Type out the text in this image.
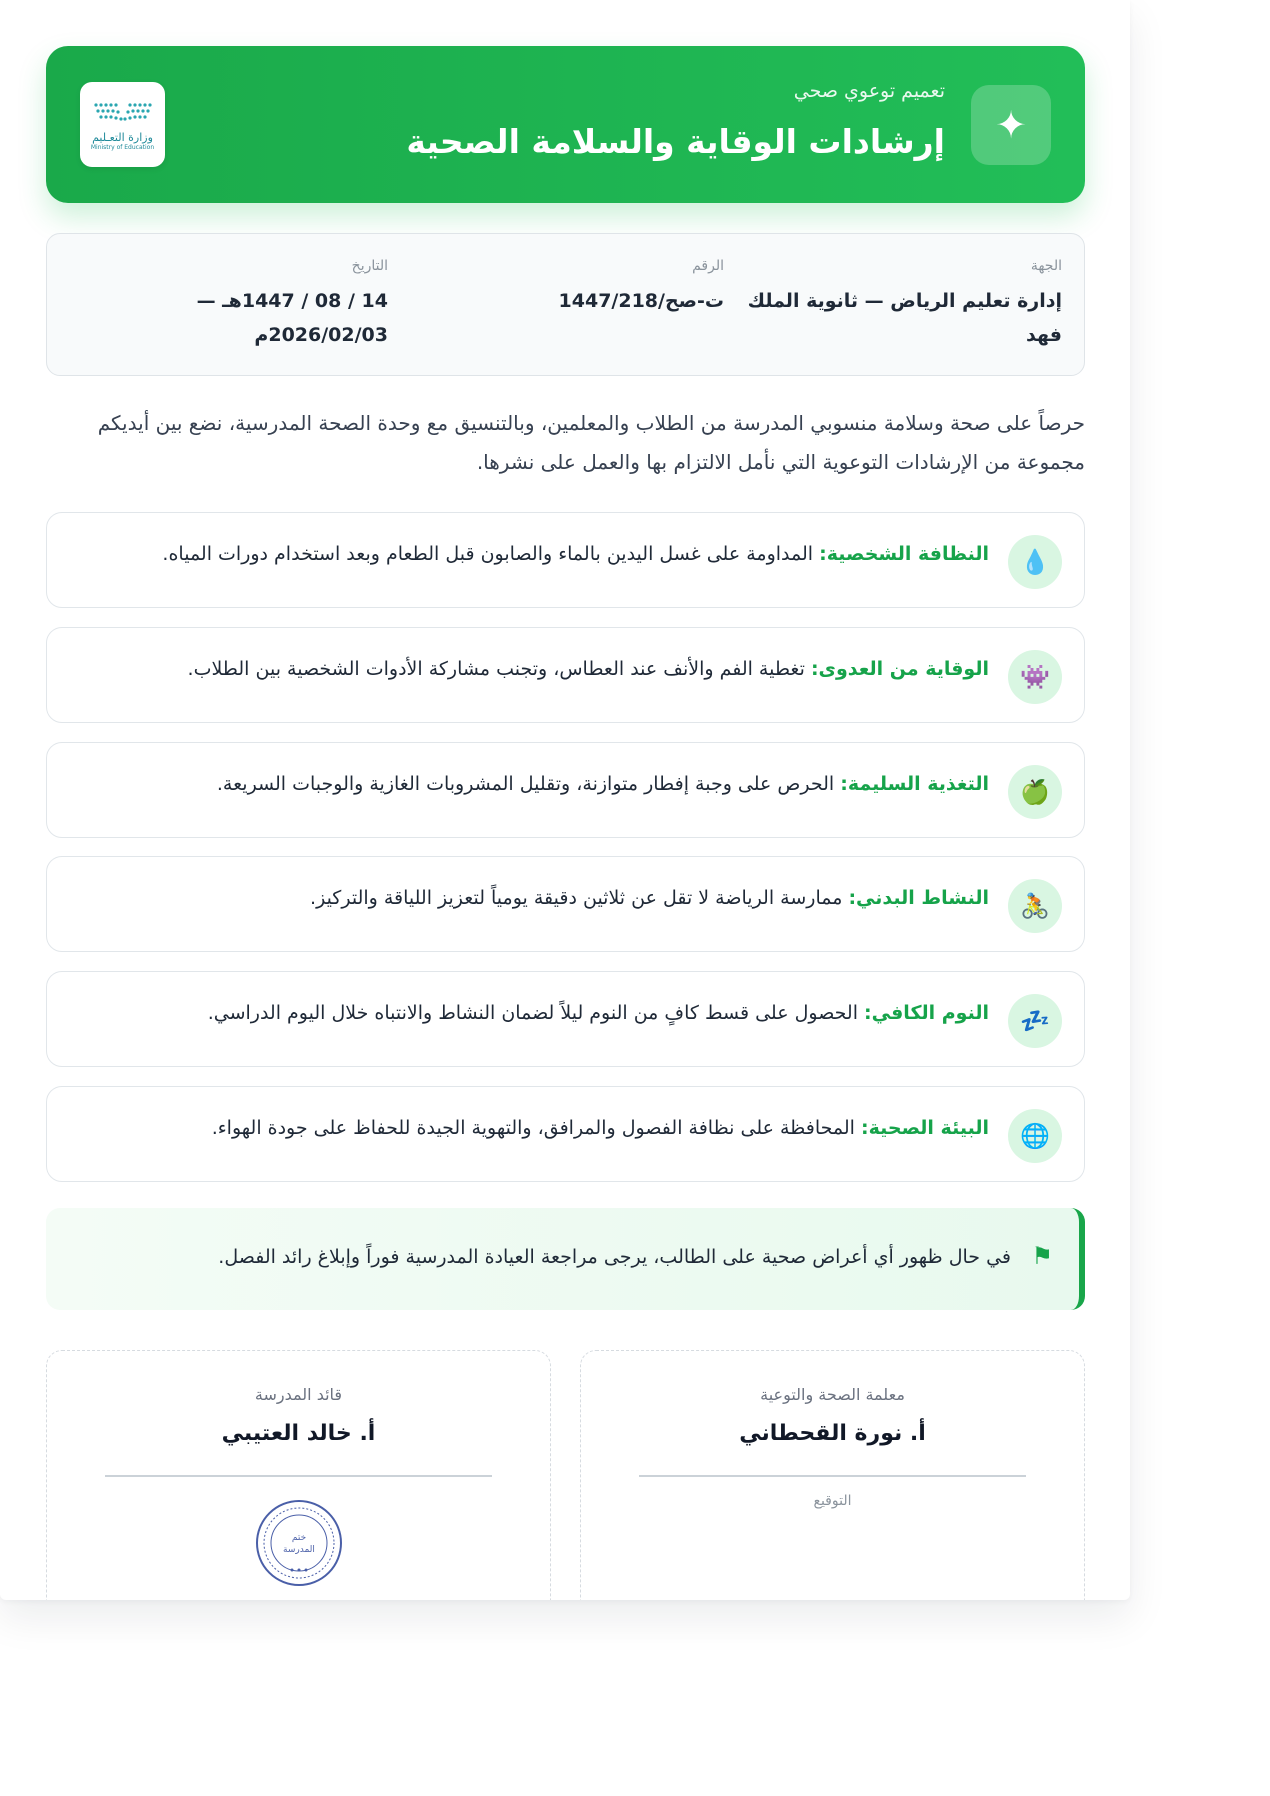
✦
تعميم توعوي صحي
إرشادات الوقاية والسلامة الصحية
وزارة التعـليم
Ministry of Education
الجهة
إدارة تعليم الرياض — ثانوية الملك فهد
الرقم
ت-صح/1447/218
التاريخ
14 / 08 / 1447هـ — 2026/02/03م
حرصاً على صحة وسلامة منسوبي المدرسة من الطلاب والمعلمين، وبالتنسيق مع وحدة الصحة المدرسية، نضع بين أيديكم مجموعة من الإرشادات التوعوية التي نأمل الالتزام بها والعمل على نشرها.
💧
النظافة الشخصية: المداومة على غسل اليدين بالماء والصابون قبل الطعام وبعد استخدام دورات المياه.
👾
الوقاية من العدوى: تغطية الفم والأنف عند العطاس، وتجنب مشاركة الأدوات الشخصية بين الطلاب.
🍏
التغذية السليمة: الحرص على وجبة إفطار متوازنة، وتقليل المشروبات الغازية والوجبات السريعة.
🚴
النشاط البدني: ممارسة الرياضة لا تقل عن ثلاثين دقيقة يومياً لتعزيز اللياقة والتركيز.
💤
النوم الكافي: الحصول على قسط كافٍ من النوم ليلاً لضمان النشاط والانتباه خلال اليوم الدراسي.
🌐
البيئة الصحية: المحافظة على نظافة الفصول والمرافق، والتهوية الجيدة للحفاظ على جودة الهواء.
⚑
في حال ظهور أي أعراض صحية على الطالب، يرجى مراجعة العيادة المدرسية فوراً وإبلاغ رائد الفصل.
معلمة الصحة والتوعية
أ. نورة القحطاني
التوقيع
قائد المدرسة
أ. خالد العتيبي
ختم
المدرسة
